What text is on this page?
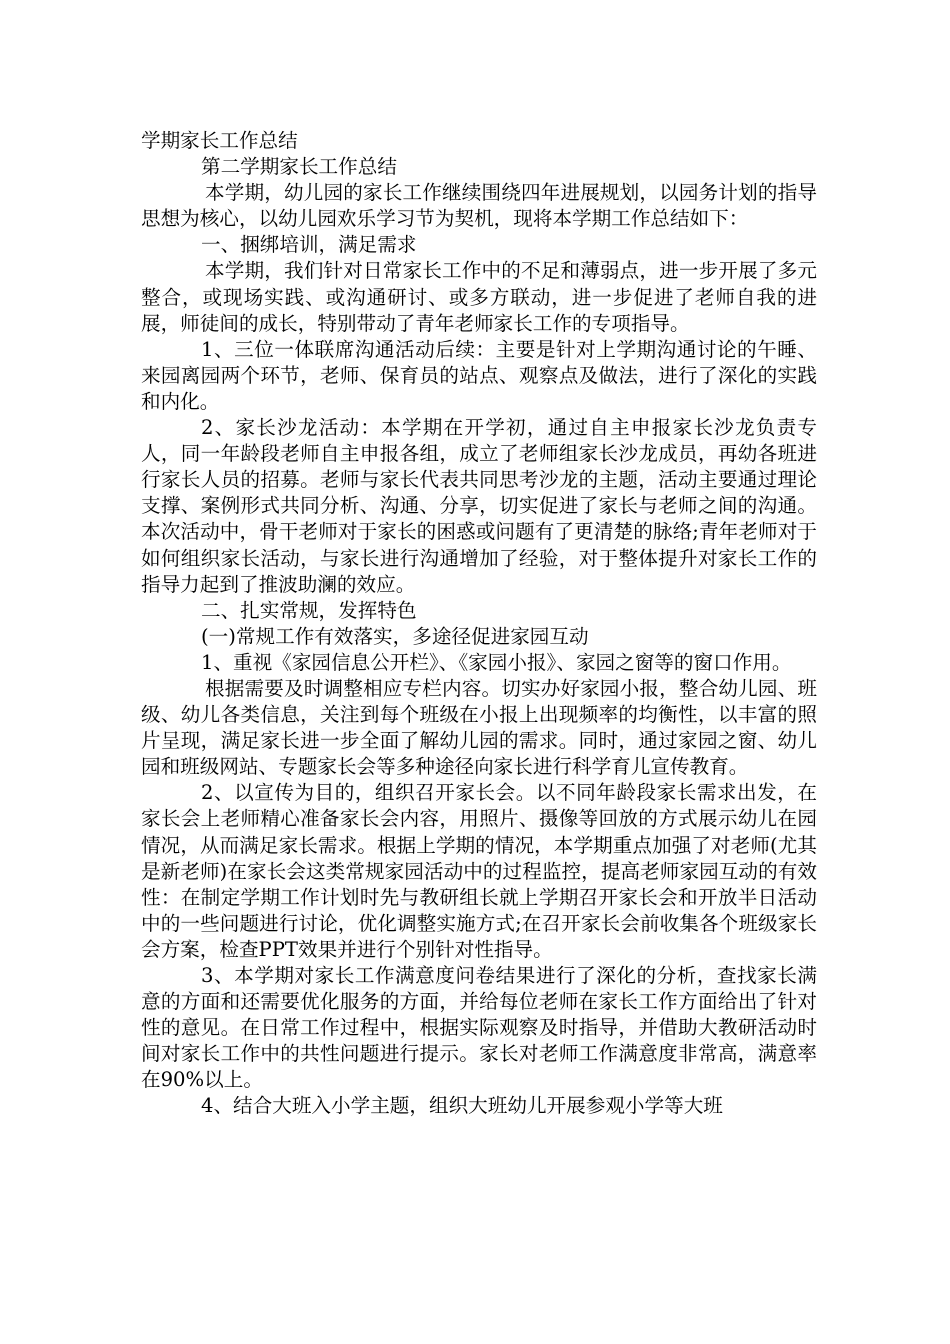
学期家长工作总结

第二学期家长工作总结

本学期，幼儿园的家长工作继续围绕四年进展规划，以园务计划的指导思想为核心，以幼儿园欢乐学习节为契机，现将本学期工作总结如下：

一、捆绑培训，满足需求

本学期，我们针对日常家长工作中的不足和薄弱点，进一步开展了多元整合，或现场实践、或沟通研讨、或多方联动，进一步促进了老师自我的进展，师徒间的成长，特别带动了青年老师家长工作的专项指导。

1、三位一体联席沟通活动后续：主要是针对上学期沟通讨论的午睡、来园离园两个环节，老师、保育员的站点、观察点及做法，进行了深化的实践和内化。

2、家长沙龙活动：本学期在开学初，通过自主申报家长沙龙负责专人，同一年龄段老师自主申报各组，成立了老师组家长沙龙成员，再幼各班进行家长人员的招募。老师与家长代表共同思考沙龙的主题，活动主要通过理论支撑、案例形式共同分析、沟通、分享，切实促进了家长与老师之间的沟通。本次活动中，骨干老师对于家长的困惑或问题有了更清楚的脉络;青年老师对于如何组织家长活动，与家长进行沟通增加了经验，对于整体提升对家长工作的指导力起到了推波助澜的效应。

二、扎实常规，发挥特色

(一)常规工作有效落实，多途径促进家园互动

1、重视《家园信息公开栏》、《家园小报》、家园之窗等的窗口作用。

根据需要及时调整相应专栏内容。切实办好家园小报，整合幼儿园、班级、幼儿各类信息，关注到每个班级在小报上出现频率的均衡性，以丰富的照片呈现，满足家长进一步全面了解幼儿园的需求。同时，通过家园之窗、幼儿园和班级网站、专题家长会等多种途径向家长进行科学育儿宣传教育。

2、以宣传为目的，组织召开家长会。以不同年龄段家长需求出发，在家长会上老师精心准备家长会内容，用照片、摄像等回放的方式展示幼儿在园情况，从而满足家长需求。根据上学期的情况，本学期重点加强了对老师(尤其是新老师)在家长会这类常规家园活动中的过程监控，提高老师家园互动的有效性：在制定学期工作计划时先与教研组长就上学期召开家长会和开放半日活动中的一些问题进行讨论，优化调整实施方式;在召开家长会前收集各个班级家长会方案，检查PPT效果并进行个别针对性指导。

3、本学期对家长工作满意度问卷结果进行了深化的分析，查找家长满意的方面和还需要优化服务的方面，并给每位老师在家长工作方面给出了针对性的意见。在日常工作过程中，根据实际观察及时指导，并借助大教研活动时间对家长工作中的共性问题进行提示。家长对老师工作满意度非常高，满意率在90%以上。

4、结合大班入小学主题，组织大班幼儿开展参观小学等大班
